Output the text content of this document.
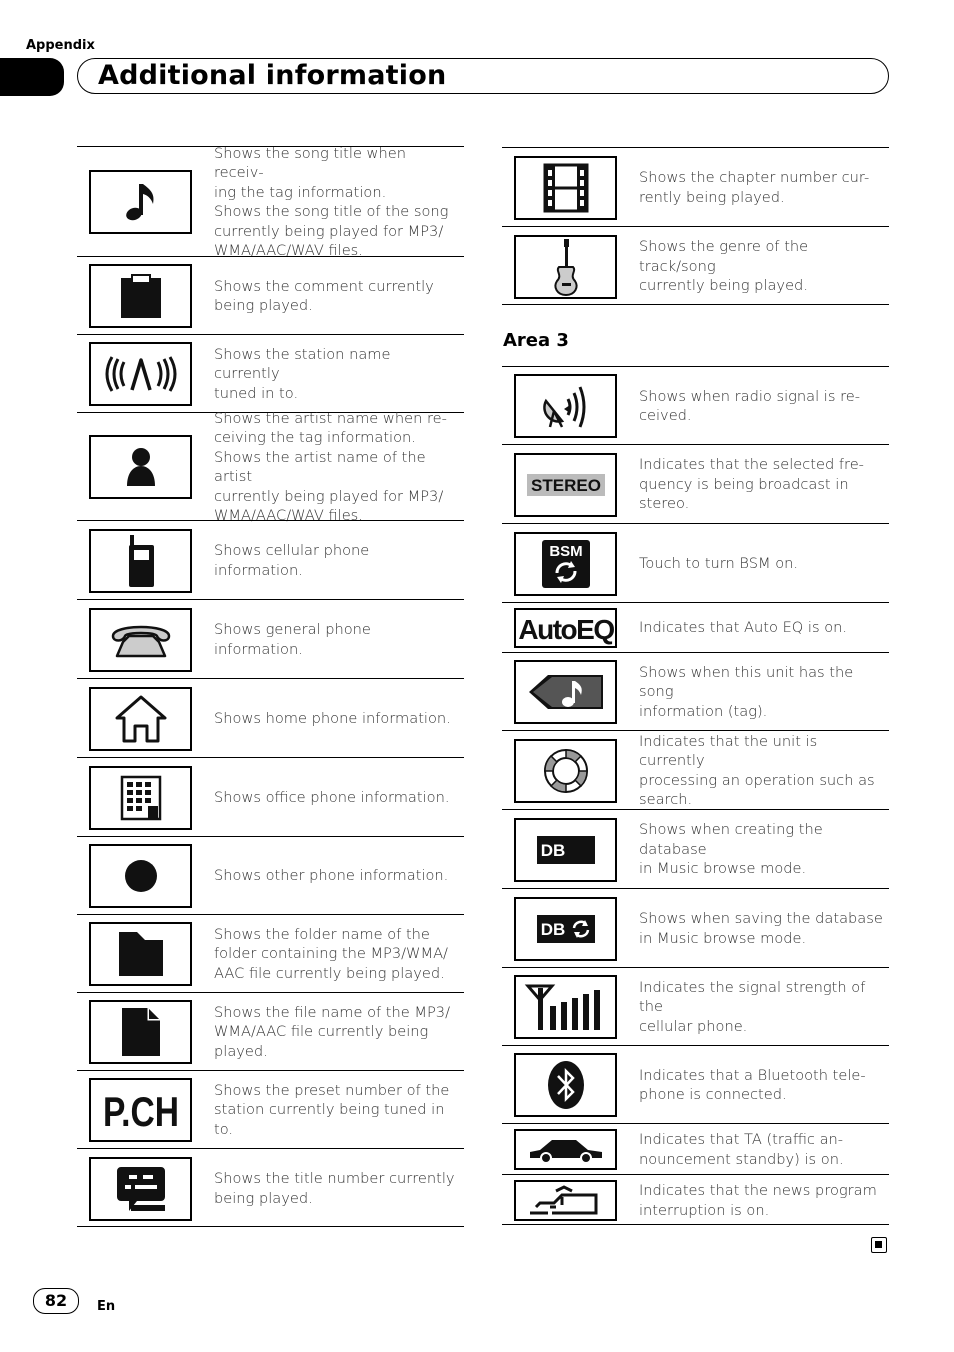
Appendix
Additional information
Shows the song title when receiv-
ing the tag information.
Shows the song title of the song
currently being played for MP3/
WMA/AAC/WAV files.
Shows the comment currently
being played.
Shows the station name currently
tuned in to.
Shows the artist name when re-
ceiving the tag information.
Shows the artist name of the artist
currently being played for MP3/
WMA/AAC/WAV files.
Shows cellular phone information.
Shows general phone information.
Shows home phone information.
Shows office phone information.
Shows other phone information.
Shows the folder name of the
folder containing the MP3/WMA/
AAC file currently being played.
Shows the file name of the MP3/
WMA/AAC file currently being
played.
P.CH Shows the preset number of the
station currently being tuned in to.
Shows the title number currently
being played.
Shows the chapter number cur-
rently being played.
Shows the genre of the track/song
currently being played.
Area 3
Shows when radio signal is re-
ceived.
STEREO
Indicates that the selected fre-
quency is being broadcast in
stereo.
BSM
Touch to turn BSM on.
AutoEQ Indicates that Auto EQ is on.
Shows when this unit has the song
information (tag).
Indicates that the unit is currently
processing an operation such as
search.
DB
Shows when creating the database
in Music browse mode.
DB
Shows when saving the database
in Music browse mode.
Indicates the signal strength of the
cellular phone.
Indicates that a Bluetooth tele-
phone is connected.
Indicates that TA (traffic an-
nouncement standby) is on.
Indicates that the news program
interruption is on.
82	En
